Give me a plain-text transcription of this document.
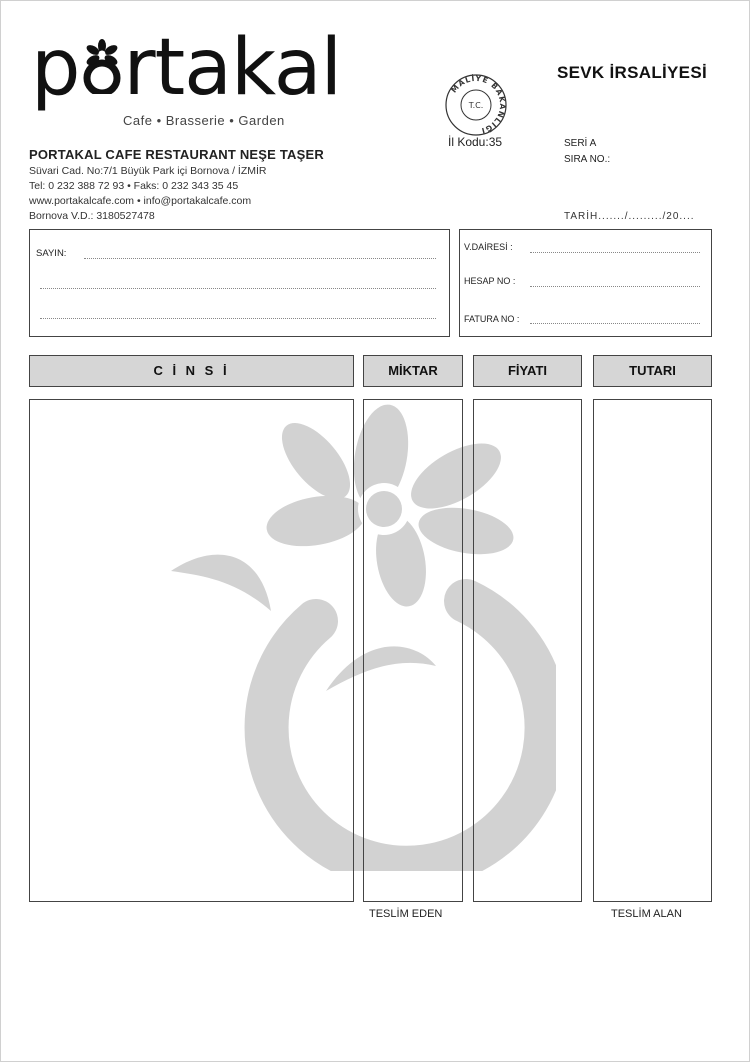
p rtakal
Cafe • Brasserie • Garden
PORTAKAL CAFE RESTAURANT NEŞE TAŞER
Süvari Cad. No:7/1 Büyük Park içi Bornova / İZMİR
Tel: 0 232 388 72 93 • Faks: 0 232 343 35 45
www.portakalcafe.com • info@portakalcafe.com
Bornova V.D.: 3180527478
MALİYE BAKANLIĞI
T.C.
İl Kodu:35
SEVK İRSALİYESİ
SERİ A
SIRA NO.:
TARİH......./........./20....
SAYIN:
V.DAİRESİ :
HESAP NO :
FATURA NO :
C İ N S İ	MİKTAR	FİYATI	TUTARI
TESLİM EDEN	TESLİM ALAN
